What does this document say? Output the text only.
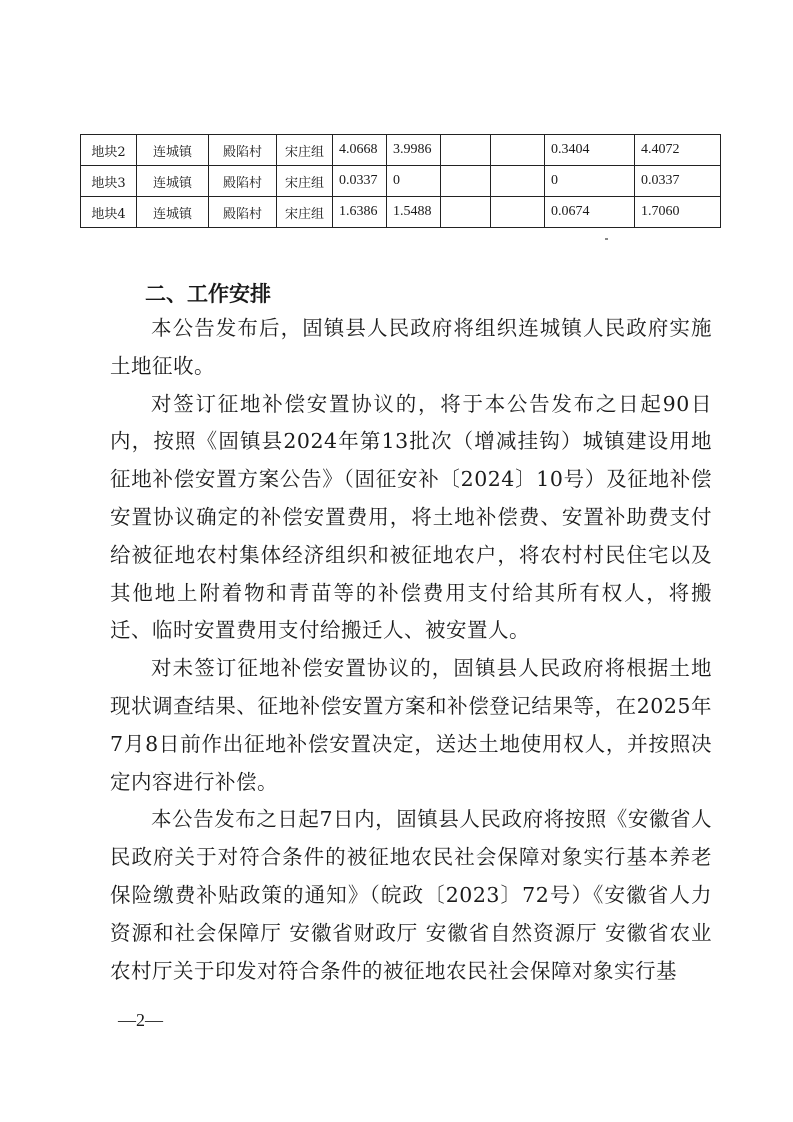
地块2	连城镇	殿陷村	宋庄组	4.0668	3.9986			0.3404	4.4072
地块3	连城镇	殿陷村	宋庄组	0.0337	0			0	0.0337
地块4	连城镇	殿陷村	宋庄组	1.6386	1.5488			0.0674	1.7060
二、工作安排

本公告发布后，固镇县人民政府将组织连城镇人民政府实施土地征收。

对签订征地补偿安置协议的，将于本公告发布之日起90日内，按照《固镇县2024年第13批次（增减挂钩）城镇建设用地征地补偿安置方案公告》（固征安补〔2024〕10号）及征地补偿安置协议确定的补偿安置费用，将土地补偿费、安置补助费支付给被征地农村集体经济组织和被征地农户，将农村村民住宅以及其他地上附着物和青苗等的补偿费用支付给其所有权人，将搬迁、临时安置费用支付给搬迁人、被安置人。

对未签订征地补偿安置协议的，固镇县人民政府将根据土地现状调查结果、征地补偿安置方案和补偿登记结果等，在2025年7月8日前作出征地补偿安置决定，送达土地使用权人，并按照决定内容进行补偿。

本公告发布之日起7日内，固镇县人民政府将按照《安徽省人民政府关于对符合条件的被征地农民社会保障对象实行基本养老保险缴费补贴政策的通知》（皖政〔2023〕72号）《安徽省人力资源和社会保障厅 安徽省财政厅 安徽省自然资源厅 安徽省农业农村厅关于印发对符合条件的被征地农民社会保障对象实行基

—2—
